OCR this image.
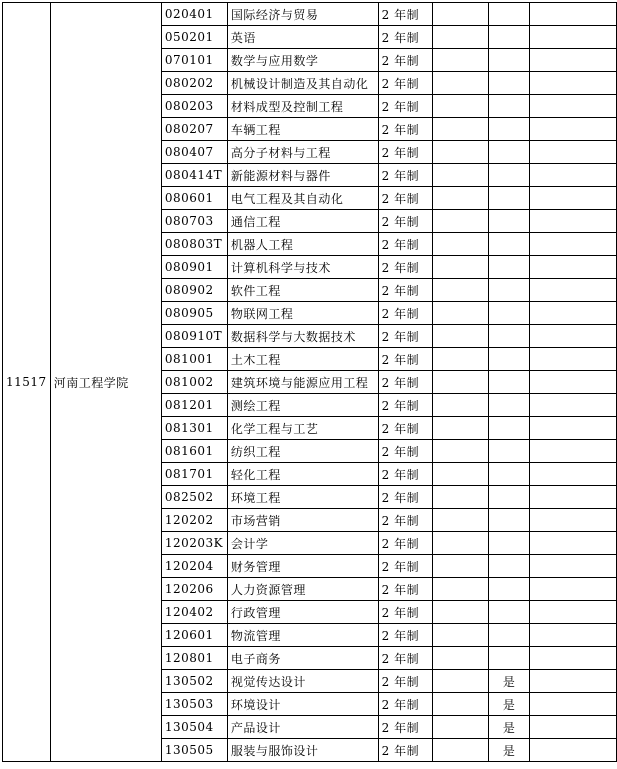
11517	河南工程学院	020401	国际经济与贸易	2 年制			
		050201	英语	2 年制			
		070101	数学与应用数学	2 年制			
		080202	机械设计制造及其自动化	2 年制			
		080203	材料成型及控制工程	2 年制			
		080207	车辆工程	2 年制			
		080407	高分子材料与工程	2 年制			
		080414T	新能源材料与器件	2 年制			
		080601	电气工程及其自动化	2 年制			
		080703	通信工程	2 年制			
		080803T	机器人工程	2 年制			
		080901	计算机科学与技术	2 年制			
		080902	软件工程	2 年制			
		080905	物联网工程	2 年制			
		080910T	数据科学与大数据技术	2 年制			
		081001	土木工程	2 年制			
		081002	建筑环境与能源应用工程	2 年制			
		081201	测绘工程	2 年制			
		081301	化学工程与工艺	2 年制			
		081601	纺织工程	2 年制			
		081701	轻化工程	2 年制			
		082502	环境工程	2 年制			
		120202	市场营销	2 年制			
		120203K	会计学	2 年制			
		120204	财务管理	2 年制			
		120206	人力资源管理	2 年制			
		120402	行政管理	2 年制			
		120601	物流管理	2 年制			
		120801	电子商务	2 年制			
		130502	视觉传达设计	2 年制		是	
		130503	环境设计	2 年制		是	
		130504	产品设计	2 年制		是	
		130505	服装与服饰设计	2 年制		是	
